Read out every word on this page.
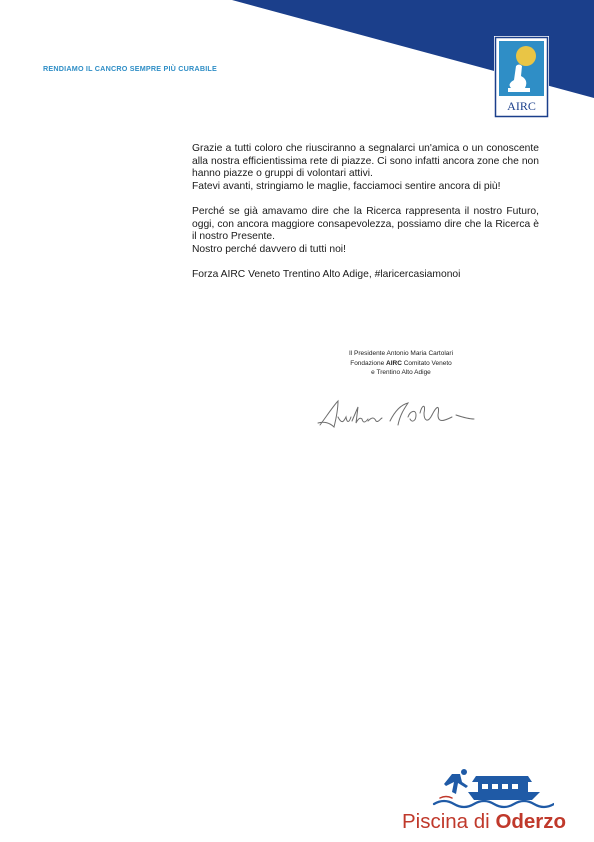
RENDIAMO IL CANCRO SEMPRE PIÙ CURABILE
AIRC

Grazie a tutti coloro che riusciranno a segnalarci un'amica o un conoscente alla nostra efficientissima rete di piazze. Ci sono infatti ancora zone che non hanno piazze o gruppi di volontari attivi.

Fatevi avanti, stringiamo le maglie, facciamoci sentire ancora di più!

Perché se già amavamo dire che la Ricerca rappresenta il nostro Futuro, oggi, con ancora maggiore consapevolezza, possiamo dire che la Ricerca è il nostro Presente.

Nostro perché davvero di tutti noi!

Forza AIRC Veneto Trentino Alto Adige, #laricercasiamonoi

Il Presidente Antonio Maria Cartolari
Fondazione AIRC Comitato Veneto
e Trentino Alto Adige
Piscina di Oderzo
